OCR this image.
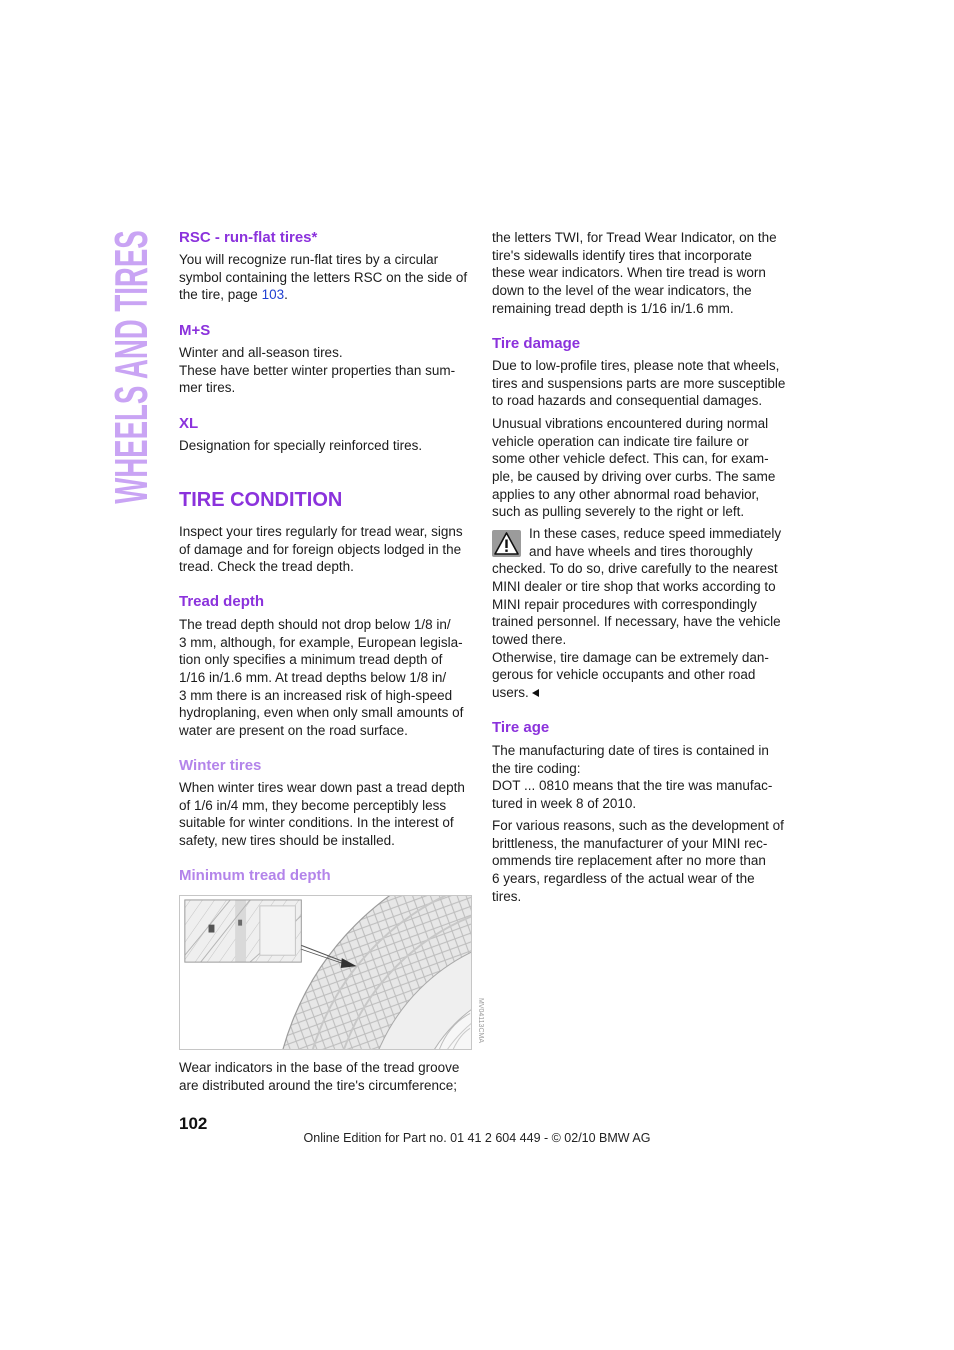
WHEELS AND TIRES RSC - run-flat tires*
You will recognize run-flat tires by a circular
symbol containing the letters RSC on the side of
the tire, page 103.
M+S
Winter and all-season tires.
These have better winter properties than sum-
mer tires.
XL
Designation for specially reinforced tires.
TIRE CONDITION
Inspect your tires regularly for tread wear, signs
of damage and for foreign objects lodged in the
tread. Check the tread depth.
Tread depth
The tread depth should not drop below 1/8 in/
3 mm, although, for example, European legisla-
tion only specifies a minimum tread depth of
1/16 in/1.6 mm. At tread depths below 1/8 in/
3 mm there is an increased risk of high-speed
hydroplaning, even when only small amounts of
water are present on the road surface.
Winter tires
When winter tires wear down past a tread depth
of 1/6 in/4 mm, they become perceptibly less
suitable for winter conditions. In the interest of
safety, new tires should be installed.
Minimum tread depth
MV04113CMA
Wear indicators in the base of the tread groove
are distributed around the tire's circumference;
the letters TWI, for Tread Wear Indicator, on the
tire's sidewalls identify tires that incorporate
these wear indicators. When tire tread is worn
down to the level of the wear indicators, the
remaining tread depth is 1/16 in/1.6 mm.
Tire damage
Due to low-profile tires, please note that wheels,
tires and suspensions parts are more susceptible
to road hazards and consequential damages.
Unusual vibrations encountered during normal
vehicle operation can indicate tire failure or
some other vehicle defect. This can, for exam-
ple, be caused by driving over curbs. The same
applies to any other abnormal road behavior,
such as pulling severely to the right or left.
In these cases, reduce speed immediately
and have wheels and tires thoroughly
checked. To do so, drive carefully to the nearest
MINI dealer or tire shop that works according to
MINI repair procedures with correspondingly
trained personnel. If necessary, have the vehicle
towed there.
Otherwise, tire damage can be extremely dan-
gerous for vehicle occupants and other road
users.
Tire age
The manufacturing date of tires is contained in
the tire coding:
DOT ... 0810 means that the tire was manufac-
tured in week 8 of 2010.
For various reasons, such as the development of
brittleness, the manufacturer of your MINI rec-
ommends tire replacement after no more than
6 years, regardless of the actual wear of the
tires.
102
Online Edition for Part no. 01 41 2 604 449 - © 02/10 BMW AG
